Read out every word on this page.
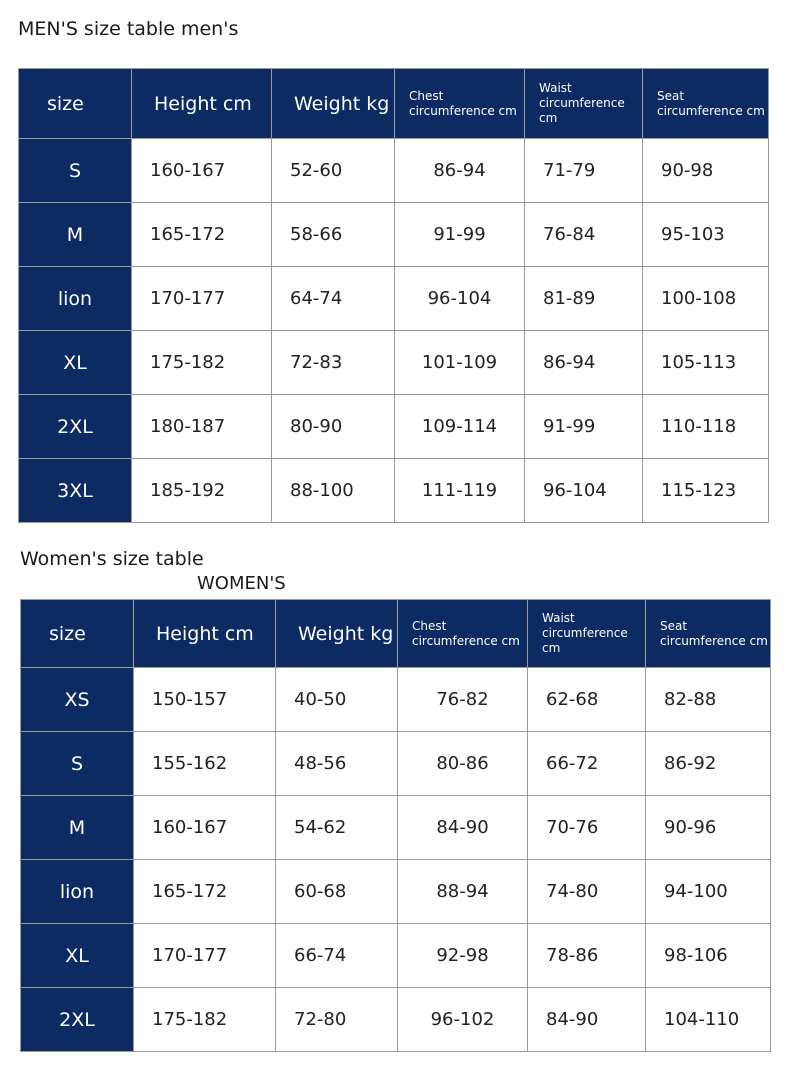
MEN'S size table men's
size	Height cm	Weight kg	Chest circumference cm	Waist circumference cm	Seat circumference cm
S	160-167	52-60	86-94	71-79	90-98
M	165-172	58-66	91-99	76-84	95-103
lion	170-177	64-74	96-104	81-89	100-108
XL	175-182	72-83	101-109	86-94	105-113
2XL	180-187	80-90	109-114	91-99	110-118
3XL	185-192	88-100	111-119	96-104	115-123
Women's size table
WOMEN'S
size	Height cm	Weight kg	Chest circumference cm	Waist circumference cm	Seat circumference cm
XS	150-157	40-50	76-82	62-68	82-88
S	155-162	48-56	80-86	66-72	86-92
M	160-167	54-62	84-90	70-76	90-96
lion	165-172	60-68	88-94	74-80	94-100
XL	170-177	66-74	92-98	78-86	98-106
2XL	175-182	72-80	96-102	84-90	104-110
